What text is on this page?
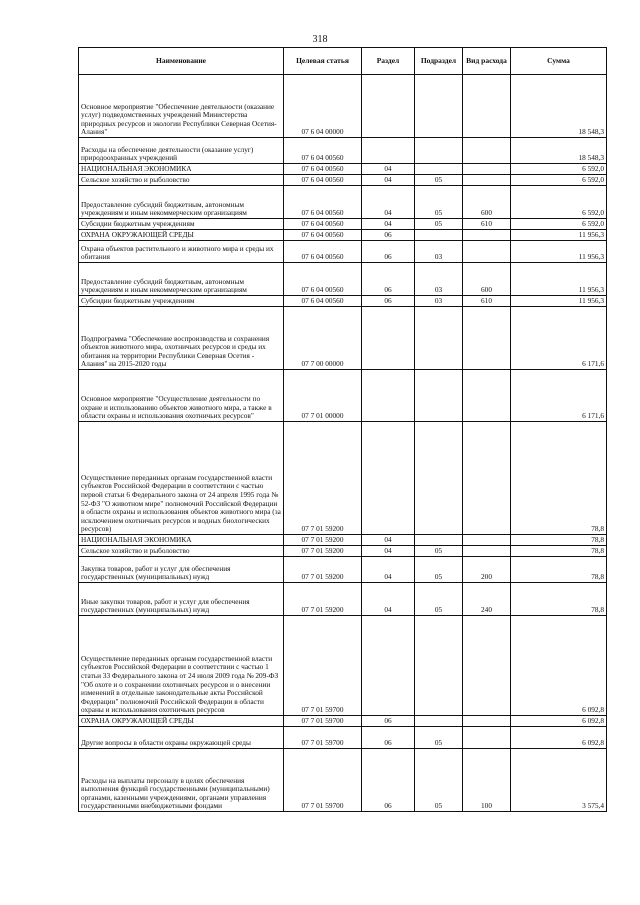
318
Наименование	Целевая статья	Раздел	Подраздел	Вид расхода	Сумма
Основное мероприятие "Обеспечение деятельности (оказание услуг) подведомственных учреждений Министерства природных ресурсов и экологии Республики Северная Осетия-Алания"	07 6 04 00000				18 548,3
Расходы на обеспечение деятельности (оказание услуг) природоохранных учреждений	07 6 04 00560				18 548,3
НАЦИОНАЛЬНАЯ ЭКОНОМИКА	07 6 04 00560	04			6 592,0
Сельское хозяйство и рыболовство	07 6 04 00560	04	05		6 592,0
Предоставление субсидий бюджетным, автономным учреждениям и иным некоммерческим организациям	07 6 04 00560	04	05	600	6 592,0
Субсидии бюджетным учреждениям	07 6 04 00560	04	05	610	6 592,0
ОХРАНА ОКРУЖАЮЩЕЙ СРЕДЫ	07 6 04 00560	06			11 956,3
Охрана объектов растительного и животного мира и среды их обитания	07 6 04 00560	06	03		11 956,3
Предоставление субсидий бюджетным, автономным учреждениям и иным некоммерческим организациям	07 6 04 00560	06	03	600	11 956,3
Субсидии бюджетным учреждениям	07 6 04 00560	06	03	610	11 956,3
Подпрограмма "Обеспечение воспроизводства и сохранения объектов животного мира, охотничьих ресурсов и среды их обитания на территории Республики Северная Осетия - Алания" на 2015-2020 годы	07 7 00 00000				6 171,6
Основное мероприятие "Осуществление деятельности по охране и использованию объектов животного мира, а также в области охраны и использования охотничьих ресурсов"	07 7 01 00000				6 171,6
Осуществление переданных органам государственной власти субъектов Российской Федерации в соответствии с частью первой статьи 6 Федерального закона от 24 апреля 1995 года № 52-ФЗ "О животном мире" полномочий Российской Федерации в области охраны и использования объектов животного мира (за исключением охотничьих ресурсов и водных биологических ресурсов)	07 7 01 59200				78,8
НАЦИОНАЛЬНАЯ ЭКОНОМИКА	07 7 01 59200	04			78,8
Сельское хозяйство и рыболовство	07 7 01 59200	04	05		78,8
Закупка товаров, работ и услуг для обеспечения государственных (муниципальных) нужд	07 7 01 59200	04	05	200	78,8
Иные закупки товаров, работ и услуг для обеспечения государственных (муниципальных) нужд	07 7 01 59200	04	05	240	78,8
Осуществление переданных органам государственной власти субъектов Российской Федерации в соответствии с частью 1 статьи 33 Федерального закона от 24 июля 2009 года № 209-ФЗ "Об охоте и о сохранении охотничьих ресурсов и о внесении изменений в отдельные законодательные акты Российской Федерации" полномочий Российской Федерации в области охраны и использования охотничьих ресурсов	07 7 01 59700				6 092,8
ОХРАНА ОКРУЖАЮЩЕЙ СРЕДЫ	07 7 01 59700	06			6 092,8
Другие вопросы в области охраны окружающей среды	07 7 01 59700	06	05		6 092,8
Расходы на выплаты персоналу в целях обеспечения выполнения функций государственными (муниципальными) органами, казенными учреждениями, органами управления государственными внебюджетными фондами	07 7 01 59700	06	05	100	3 575,4
